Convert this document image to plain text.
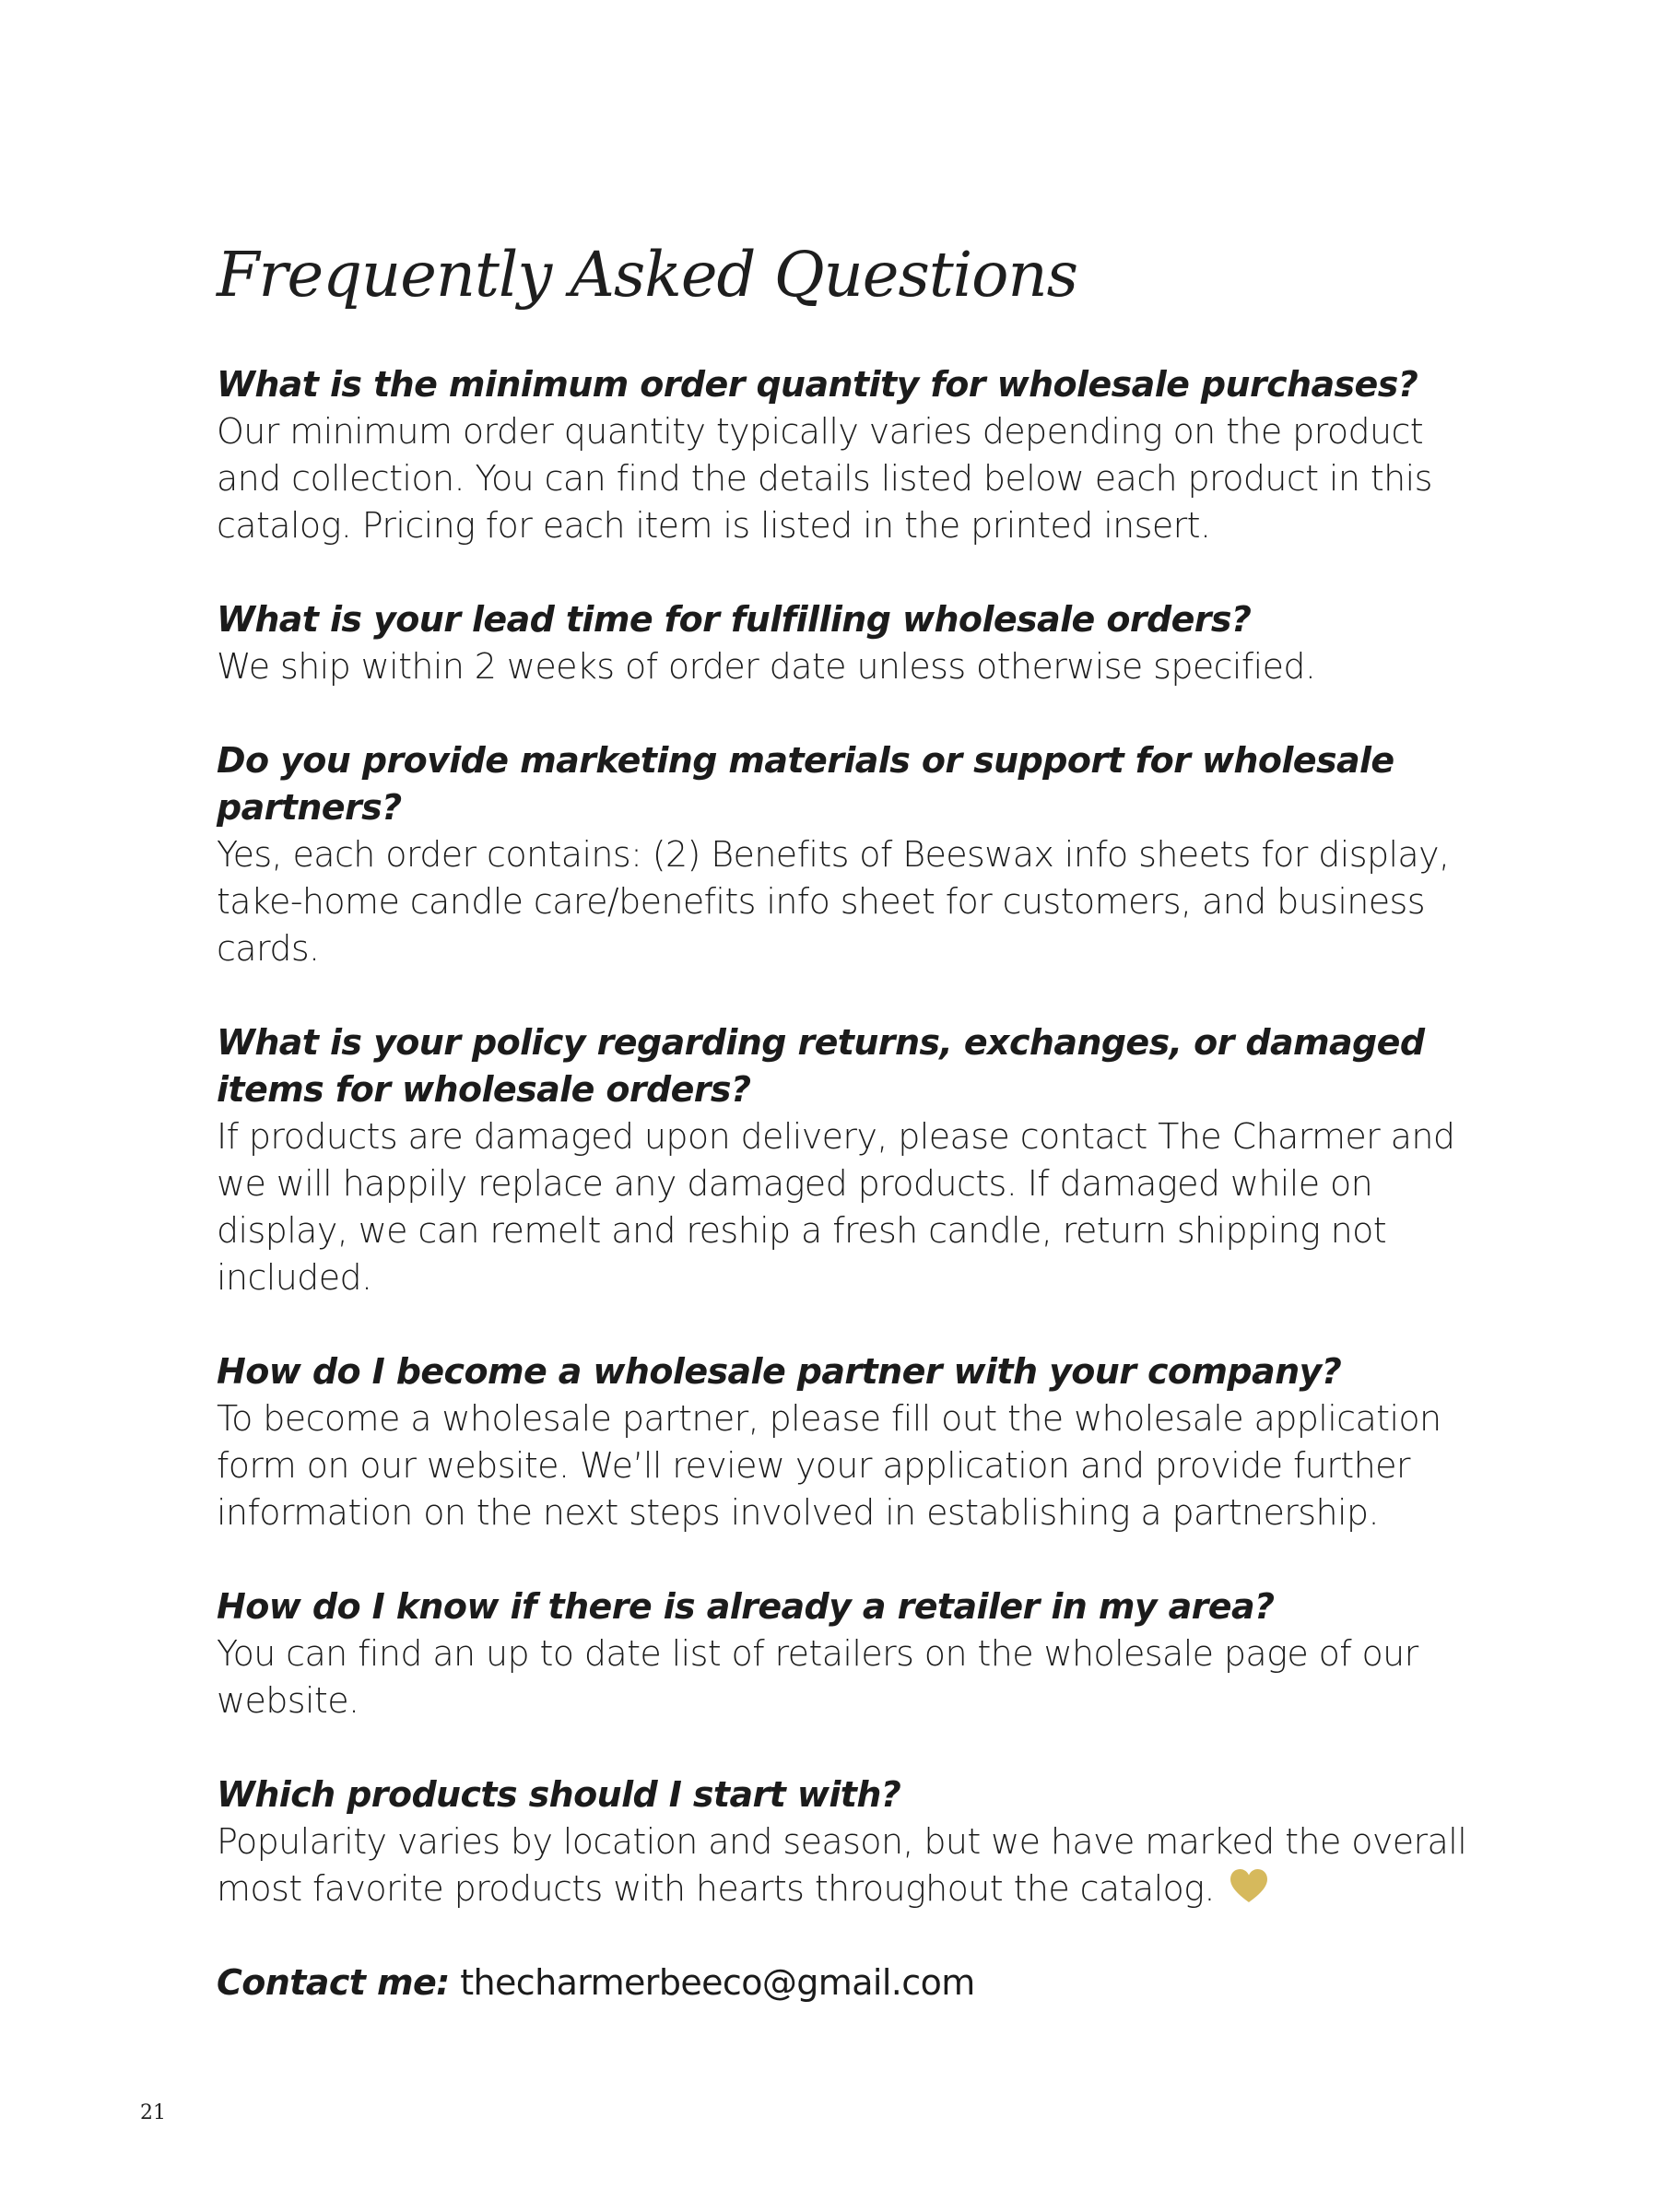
Frequently Asked Questions
What is the minimum order quantity for wholesale purchases?
Our minimum order quantity typically varies depending on the product and collection. You can find the details listed below each product in this catalog. Pricing for each item is listed in the printed insert.
What is your lead time for fulfilling wholesale orders?
We ship within 2 weeks of order date unless otherwise specified.
Do you provide marketing materials or support for wholesale partners?
Yes, each order contains: (2) Benefits of Beeswax info sheets for display, take-home candle care/benefits info sheet for customers, and business cards.
What is your policy regarding returns, exchanges, or damaged items for wholesale orders?
If products are damaged upon delivery, please contact The Charmer and we will happily replace any damaged products. If damaged while on display, we can remelt and reship a fresh candle, return shipping not included.
How do I become a wholesale partner with your company?
To become a wholesale partner, please fill out the wholesale application form on our website. We’ll review your application and provide further information on the next steps involved in establishing a partnership.
How do I know if there is already a retailer in my area?
You can find an up to date list of retailers on the wholesale page of our website.
Which products should I start with?
Popularity varies by location and season, but we have marked the overall most favorite products with hearts throughout the catalog.
Contact me: thecharmerbeeco@gmail.com
21
